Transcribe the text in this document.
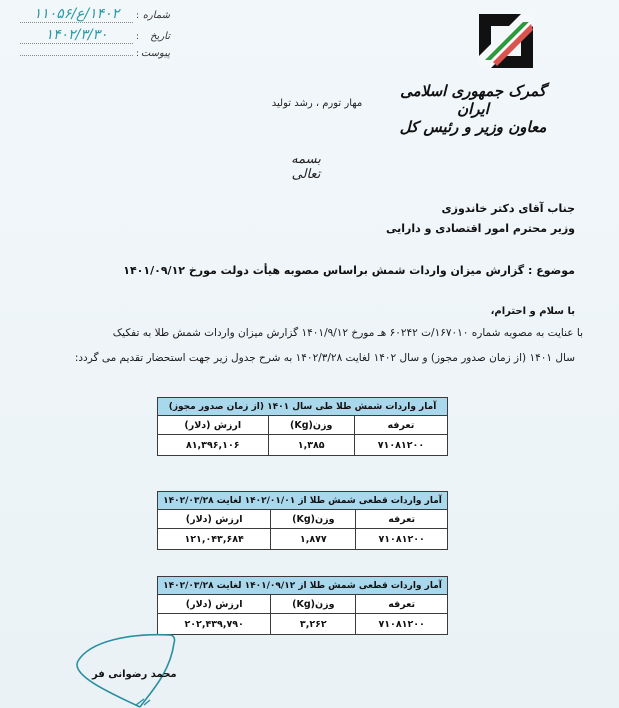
شماره
:
۱۴۰۲/ع/۱۱۰۵۶
تاریخ
:
۱۴۰۲/۳/۳۰
پیوست
:
گمرک جمهوری اسلامی ایران
معاون وزیر و رئیس کل
مهار تورم ، رشد تولید
بسمه تعالی
جناب آقای دکتر خاندوزی
وزیر محترم امور اقتصادی و دارایی
موضوع : گزارش میزان واردات شمش براساس مصوبه هیأت دولت مورخ ۱۴۰۱/۰۹/۱۲
با سلام و احترام،
با عنایت به مصوبه شماره ۱۶۷۰۱۰/ت ۶۰۲۴۲ هـ مورخ ۱۴۰۱/۹/۱۲ گزارش میزان واردات شمش طلا به تفکیک
سال ۱۴۰۱ (از زمان صدور مجوز) و سال ۱۴۰۲ لغایت ۱۴۰۲/۳/۲۸ به شرح جدول زیر جهت استحضار تقدیم می گردد:
آمار واردات شمش طلا طی سال ۱۴۰۱ (از زمان صدور مجوز)		
تعرفه	وزن(Kg)	ارزش (دلار)
۷۱۰۸۱۲۰۰	۱,۳۸۵	۸۱,۳۹۶,۱۰۶
آمار واردات قطعی شمش طلا از ۱۴۰۲/۰۱/۰۱ لغایت ۱۴۰۲/۰۳/۲۸		
تعرفه	وزن(Kg)	ارزش (دلار)
۷۱۰۸۱۲۰۰	۱,۸۷۷	۱۲۱,۰۴۳,۶۸۴
آمار واردات قطعی شمش طلا از ۱۴۰۱/۰۹/۱۲ لغایت ۱۴۰۲/۰۳/۲۸		
تعرفه	وزن(Kg)	ارزش (دلار)
۷۱۰۸۱۲۰۰	۳,۲۶۲	۲۰۲,۴۳۹,۷۹۰
محمد رضوانی فر
